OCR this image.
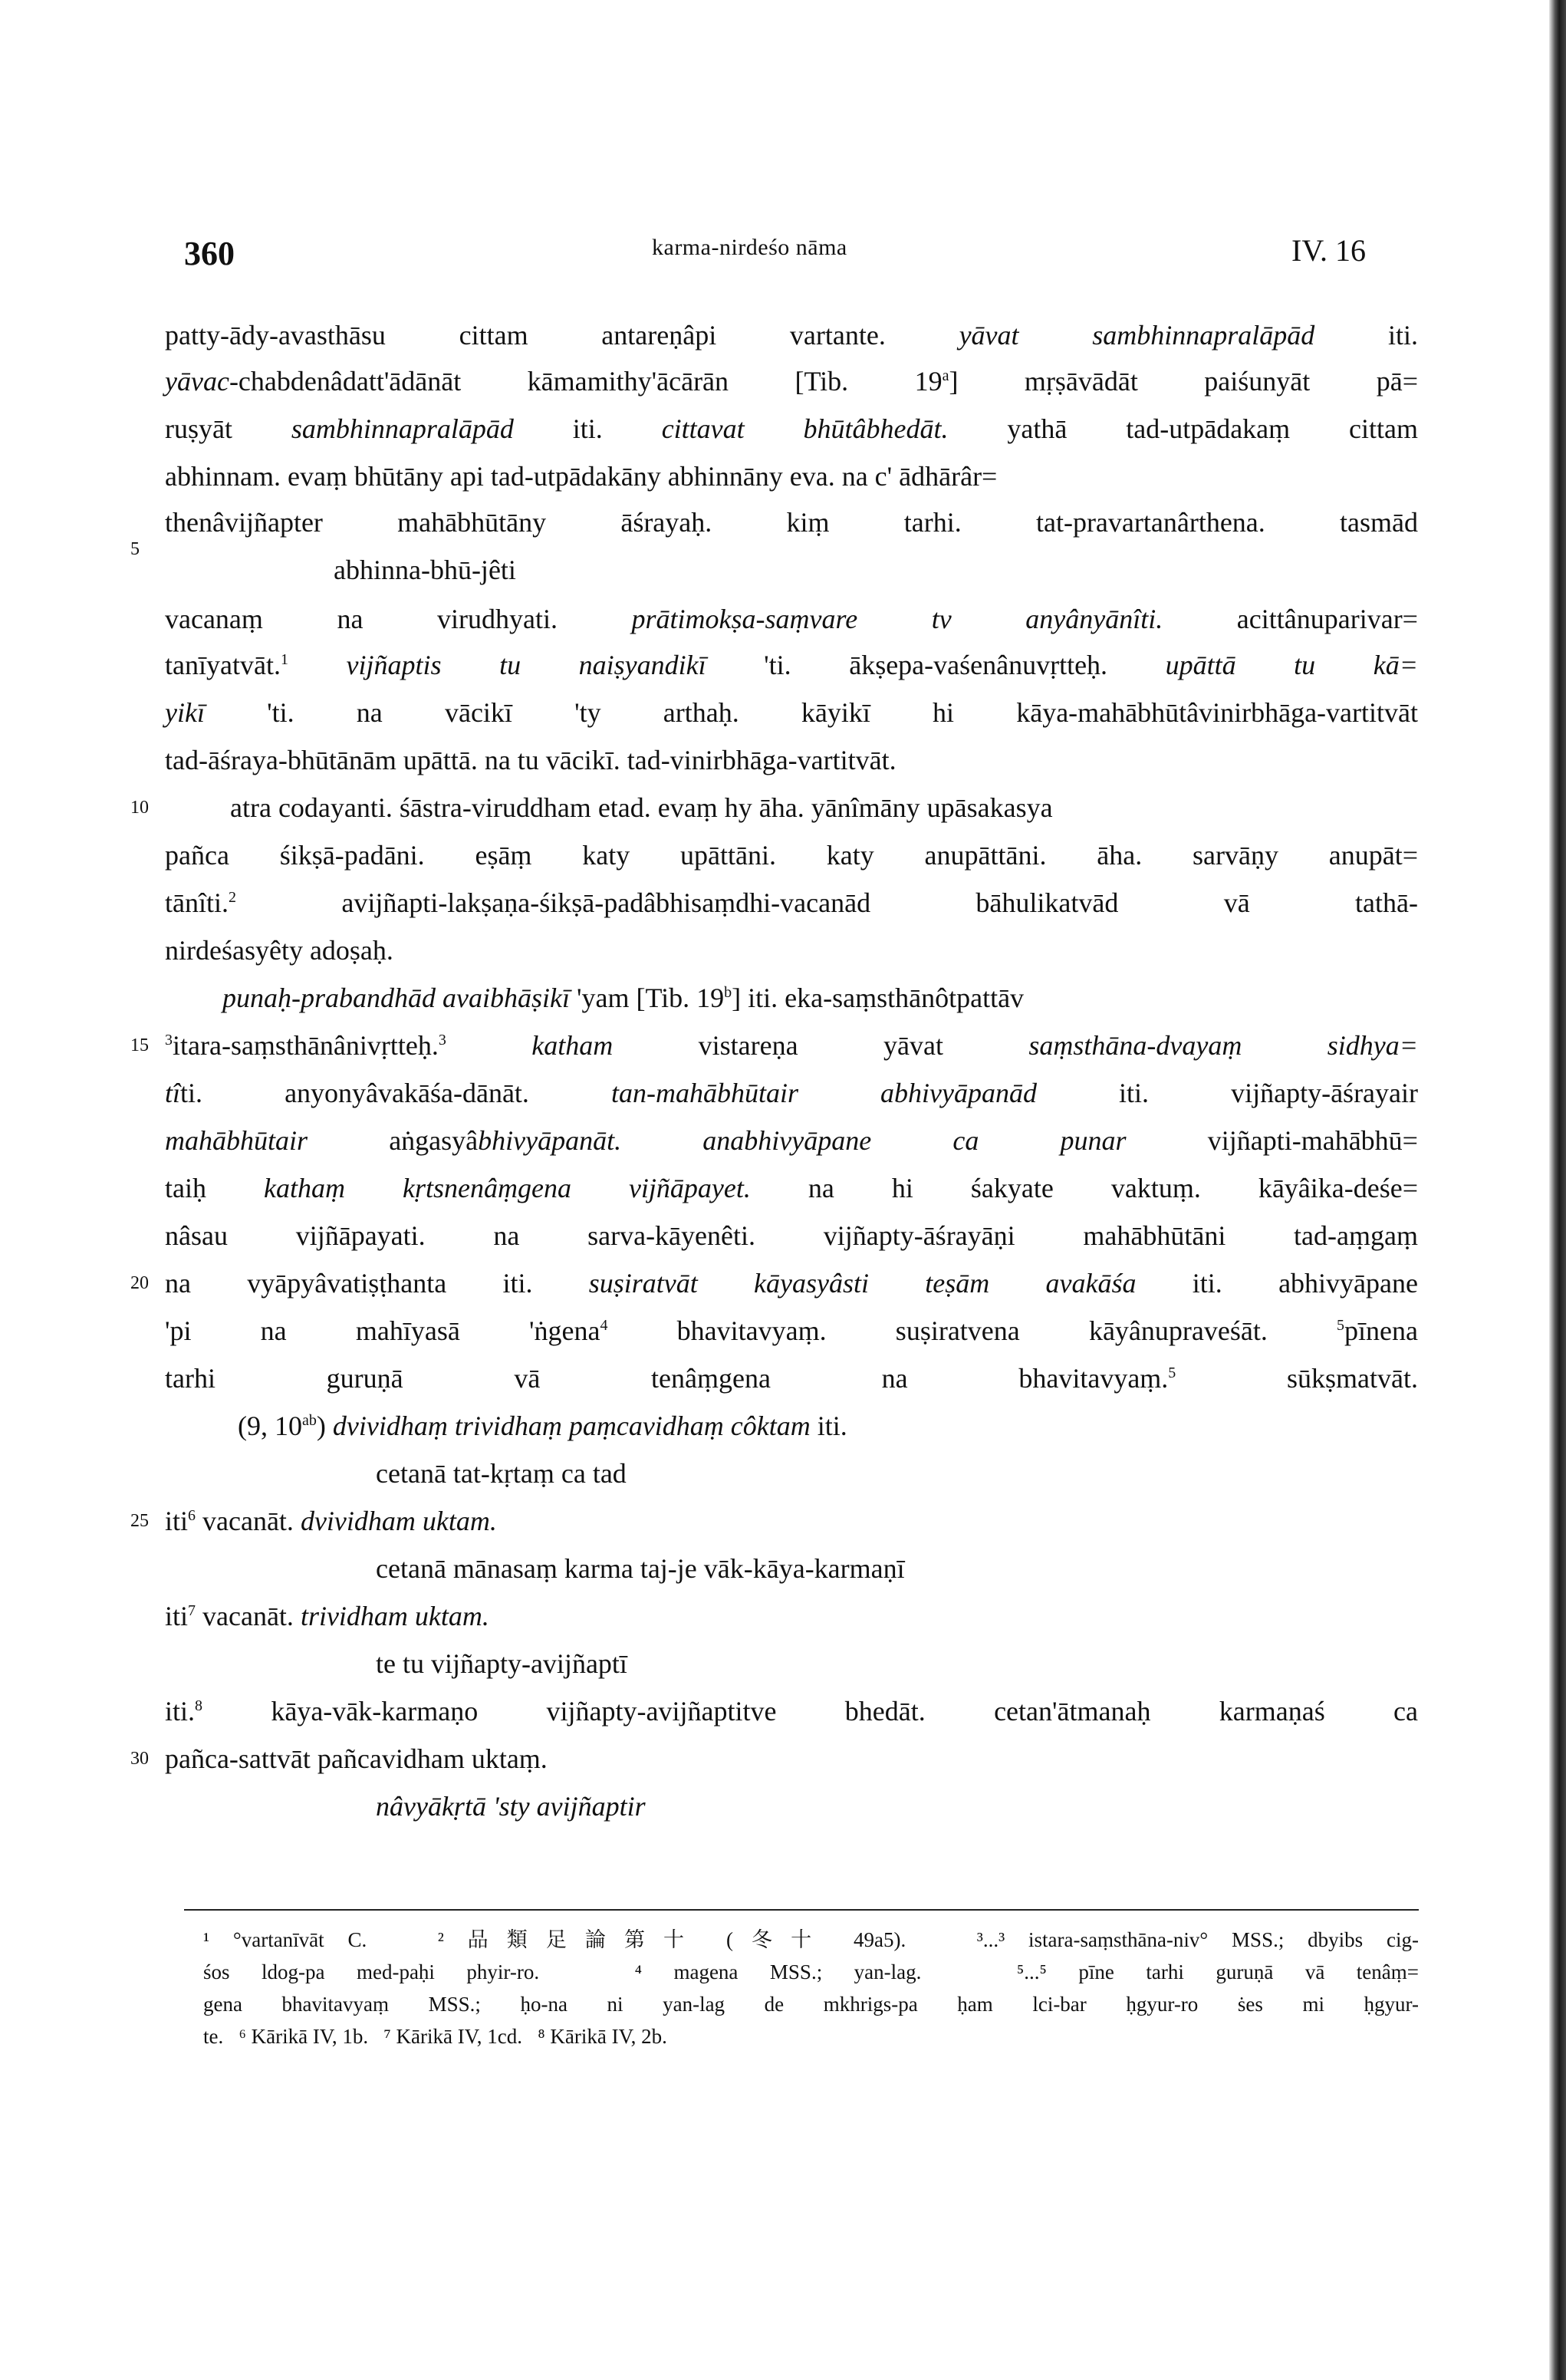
360	karma-nirdeśo nāma	IV. 16
5
10
15
20
25
30
patty-ādy-avasthāsu cittam antareṇâpi vartante. yāvat sambhinnapralāpād iti.
yāvac-chabdenâdatt'ādānāt kāmamithy'ācārān [Tib. 19$^a$] mṛṣāvādāt paiśunyāt pā=
ruṣyāt sambhinnapralāpād iti. cittavat bhūtâbhedāt. yathā tad-utpādakaṃ cittam
abhinnam. evaṃ bhūtāny api tad-utpādakāny abhinnāny eva. na c' ādhārâr=
thenâvijñapter mahābhūtāny āśrayaḥ. kiṃ tarhi. tat-pravartanârthena. tasmād
abhinna-bhū-jêti
vacanaṃ na virudhyati. prātimokṣa-saṃvare tv anyânyānîti. acittânuparivar=
tanīyatvāt.$^1$ vijñaptis tu naiṣyandikī 'ti. ākṣepa-vaśenânuvṛtteḥ. upāttā tu kā=
yikī 'ti. na vācikī 'ty arthaḥ. kāyikī hi kāya-mahābhūtâvinirbhāga-vartitvāt
tad-āśraya-bhūtānām upāttā. na tu vācikī. tad-vinirbhāga-vartitvāt.
atra codayanti. śāstra-viruddham etad. evaṃ hy āha. yānîmāny upāsakasya
pañca śikṣā-padāni. eṣāṃ katy upāttāni. katy anupāttāni. āha. sarvāṇy anupāt=
tānîti.$^2$ avijñapti-lakṣaṇa-śikṣā-padâbhisaṃdhi-vacanād bāhulikatvād vā tathā-
nirdeśasyêty adoṣaḥ.
punaḥ-prabandhād avaibhāṣikī 'yam [Tib. 19$^b$] iti. eka-saṃsthānôtpattāv
$^3$itara-saṃsthānânivṛtteḥ.$^3$	katham vistareṇa yāvat saṃsthāna-dvayaṃ sidhya=
tîti. anyonyâvakāśa-dānāt. tan-mahābhūtair abhivyāpanād iti. vijñapty-āśrayair
mahābhūtair aṅgasyâbhivyāpanāt. anabhivyāpane ca punar vijñapti-mahābhū=
taiḥ kathaṃ kṛtsnenâṃgena vijñāpayet. na hi śakyate vaktuṃ. kāyâika-deśe=
nâsau vijñāpayati. na sarva-kāyenêti. vijñapty-āśrayāṇi mahābhūtāni tad-aṃgaṃ
na vyāpyâvatiṣṭhanta iti. suṣiratvāt kāyasyâsti teṣām avakāśa iti. abhivyāpane
'pi na mahīyasā 'ṅgena$^4$ bhavitavyaṃ. suṣiratvena kāyânupraveśāt. $^5$pīnena
tarhi guruṇā vā tenâṃgena na bhavitavyaṃ.$^5$ sūkṣmatvāt.
(9, $10^{ab}$) dvividhaṃ trividhaṃ paṃcavidhaṃ côktam iti.
cetanā tat-kṛtaṃ ca tad
iti$^6$ vacanāt. dvividham uktam.
cetanā mānasaṃ karma taj-je vāk-kāya-karmaṇī
iti$^7$ vacanāt. trividham uktam.
te tu vijñapty-avijñaptī
iti.$^8$ kāya-vāk-karmaṇo vijñapty-avijñaptitve bhedāt. cetan'ātmanaḥ karmaṇaś ca
pañca-sattvāt pañcavidham uktaṃ.
nâvyākṛtā 'sty avijñaptir
¹ °vartanīvāt C.   ² 品類足論第十 (冬十 49a5).   ³...³ istara-saṃsthāna-niv° MSS.; dbyibs cig-
śos ldog-pa med-paḥi phyir-ro.   ⁴ magena MSS.; yan-lag.   ⁵...⁵ pīne tarhi guruṇā vā tenâṃ=
gena bhavitavyaṃ MSS.; ḥo-na ni yan-lag de mkhrigs-pa ḥam lci-bar ḥgyur-ro ṡes mi ḥgyur-
te.   ⁶ Kārikā IV, 1b.   ⁷ Kārikā IV, 1cd.   ⁸ Kārikā IV, 2b.
